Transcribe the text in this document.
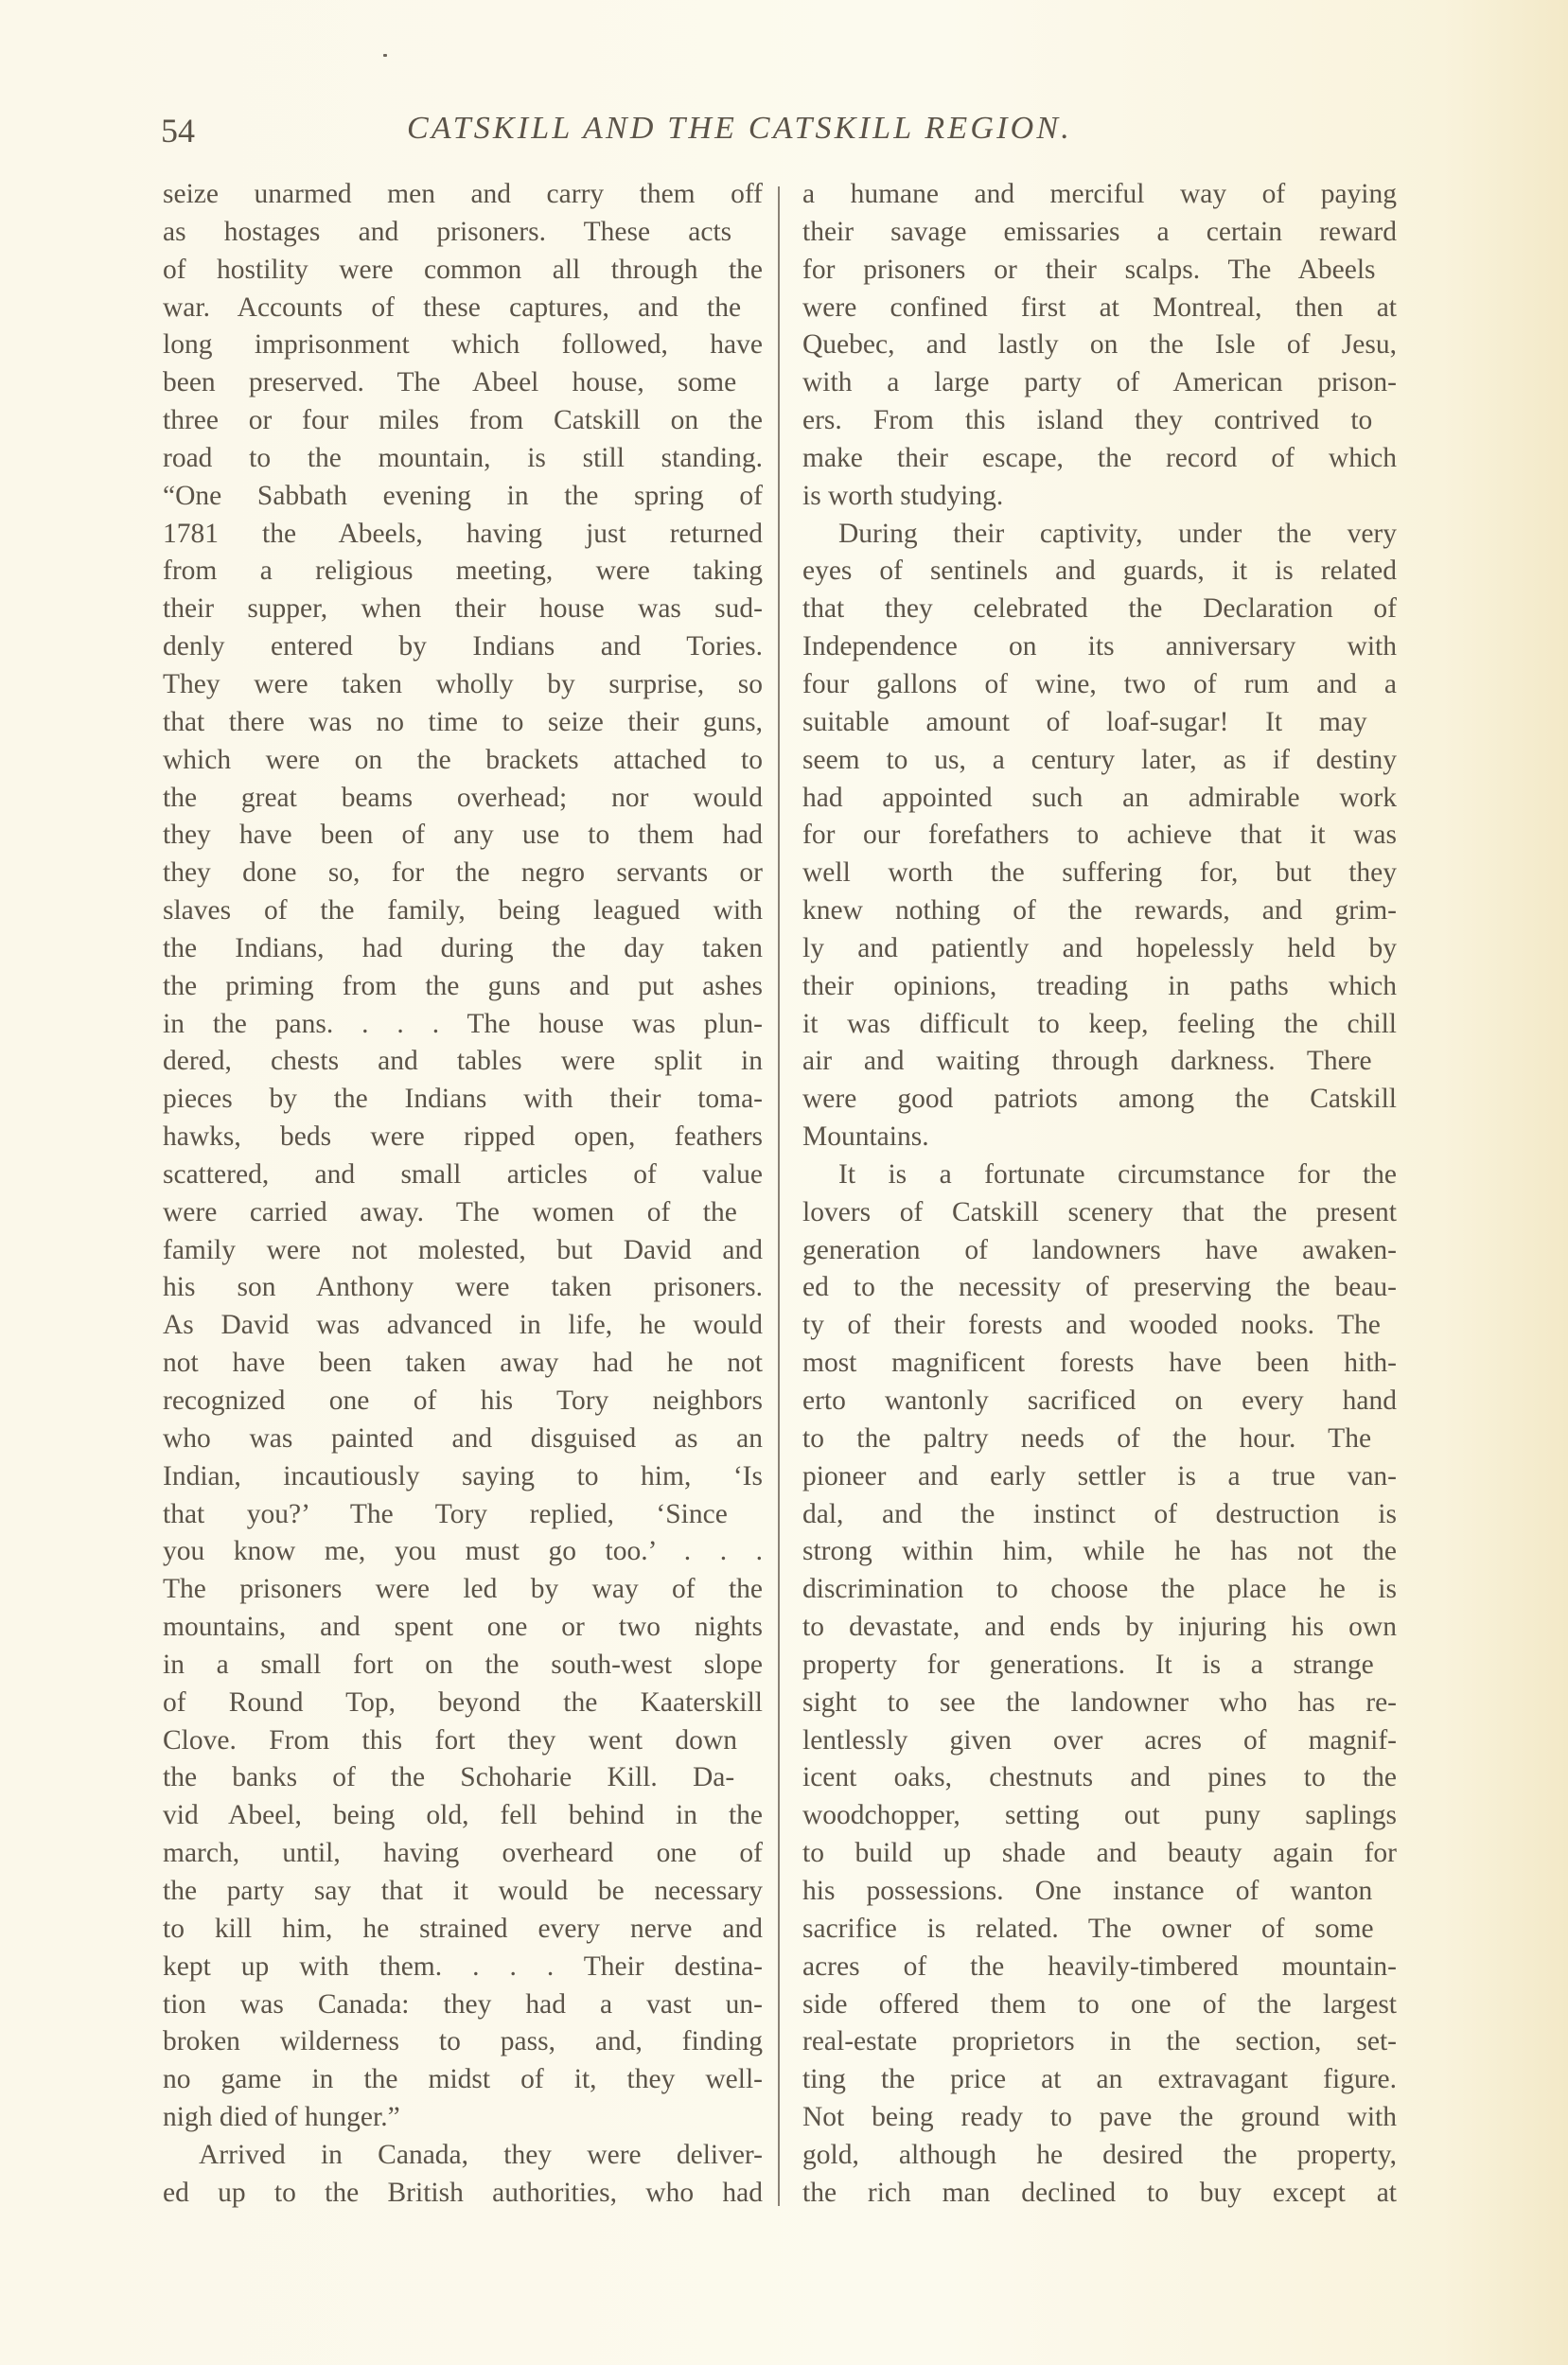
54	CATSKILL AND THE CATSKILL REGION.
seize unarmed men and carry them off
as hostages and prisoners. These acts
of hostility were common all through the
war. Accounts of these captures, and the
long imprisonment which followed, have
been preserved. The Abeel house, some
three or four miles from Catskill on the
road to the mountain, is still standing.
“One Sabbath evening in the spring of
1781 the Abeels, having just returned
from a religious meeting, were taking
their supper, when their house was sud-
denly entered by Indians and Tories.
They were taken wholly by surprise, so
that there was no time to seize their guns,
which were on the brackets attached to
the great beams overhead; nor would
they have been of any use to them had
they done so, for the negro servants or
slaves of the family, being leagued with
the Indians, had during the day taken
the priming from the guns and put ashes
in the pans. . . . The house was plun-
dered, chests and tables were split in
pieces by the Indians with their toma-
hawks, beds were ripped open, feathers
scattered, and small articles of value
were carried away. The women of the
family were not molested, but David and
his son Anthony were taken prisoners.
As David was advanced in life, he would
not have been taken away had he not
recognized one of his Tory neighbors
who was painted and disguised as an
Indian, incautiously saying to him, ‘Is
that you?’ The Tory replied, ‘Since
you know me, you must go too.’ . . .
The prisoners were led by way of the
mountains, and spent one or two nights
in a small fort on the south-west slope
of Round Top, beyond the Kaaterskill
Clove. From this fort they went down
the banks of the Schoharie Kill. Da-
vid Abeel, being old, fell behind in the
march, until, having overheard one of
the party say that it would be necessary
to kill him, he strained every nerve and
kept up with them. . . . Their destina-
tion was Canada: they had a vast un-
broken wilderness to pass, and, finding
no game in the midst of it, they well-
nigh died of hunger.”
Arrived in Canada, they were deliver-
ed up to the British authorities, who had
a humane and merciful way of paying
their savage emissaries a certain reward
for prisoners or their scalps. The Abeels
were confined first at Montreal, then at
Quebec, and lastly on the Isle of Jesu,
with a large party of American prison-
ers. From this island they contrived to
make their escape, the record of which
is worth studying.
During their captivity, under the very
eyes of sentinels and guards, it is related
that they celebrated the Declaration of
Independence on its anniversary with
four gallons of wine, two of rum and a
suitable amount of loaf-sugar! It may
seem to us, a century later, as if destiny
had appointed such an admirable work
for our forefathers to achieve that it was
well worth the suffering for, but they
knew nothing of the rewards, and grim-
ly and patiently and hopelessly held by
their opinions, treading in paths which
it was difficult to keep, feeling the chill
air and waiting through darkness. There
were good patriots among the Catskill
Mountains.
It is a fortunate circumstance for the
lovers of Catskill scenery that the present
generation of landowners have awaken-
ed to the necessity of preserving the beau-
ty of their forests and wooded nooks. The
most magnificent forests have been hith-
erto wantonly sacrificed on every hand
to the paltry needs of the hour. The
pioneer and early settler is a true van-
dal, and the instinct of destruction is
strong within him, while he has not the
discrimination to choose the place he is
to devastate, and ends by injuring his own
property for generations. It is a strange
sight to see the landowner who has re-
lentlessly given over acres of magnif-
icent oaks, chestnuts and pines to the
woodchopper, setting out puny saplings
to build up shade and beauty again for
his possessions. One instance of wanton
sacrifice is related. The owner of some
acres of the heavily-timbered mountain-
side offered them to one of the largest
real-estate proprietors in the section, set-
ting the price at an extravagant figure.
Not being ready to pave the ground with
gold, although he desired the property,
the rich man declined to buy except at
